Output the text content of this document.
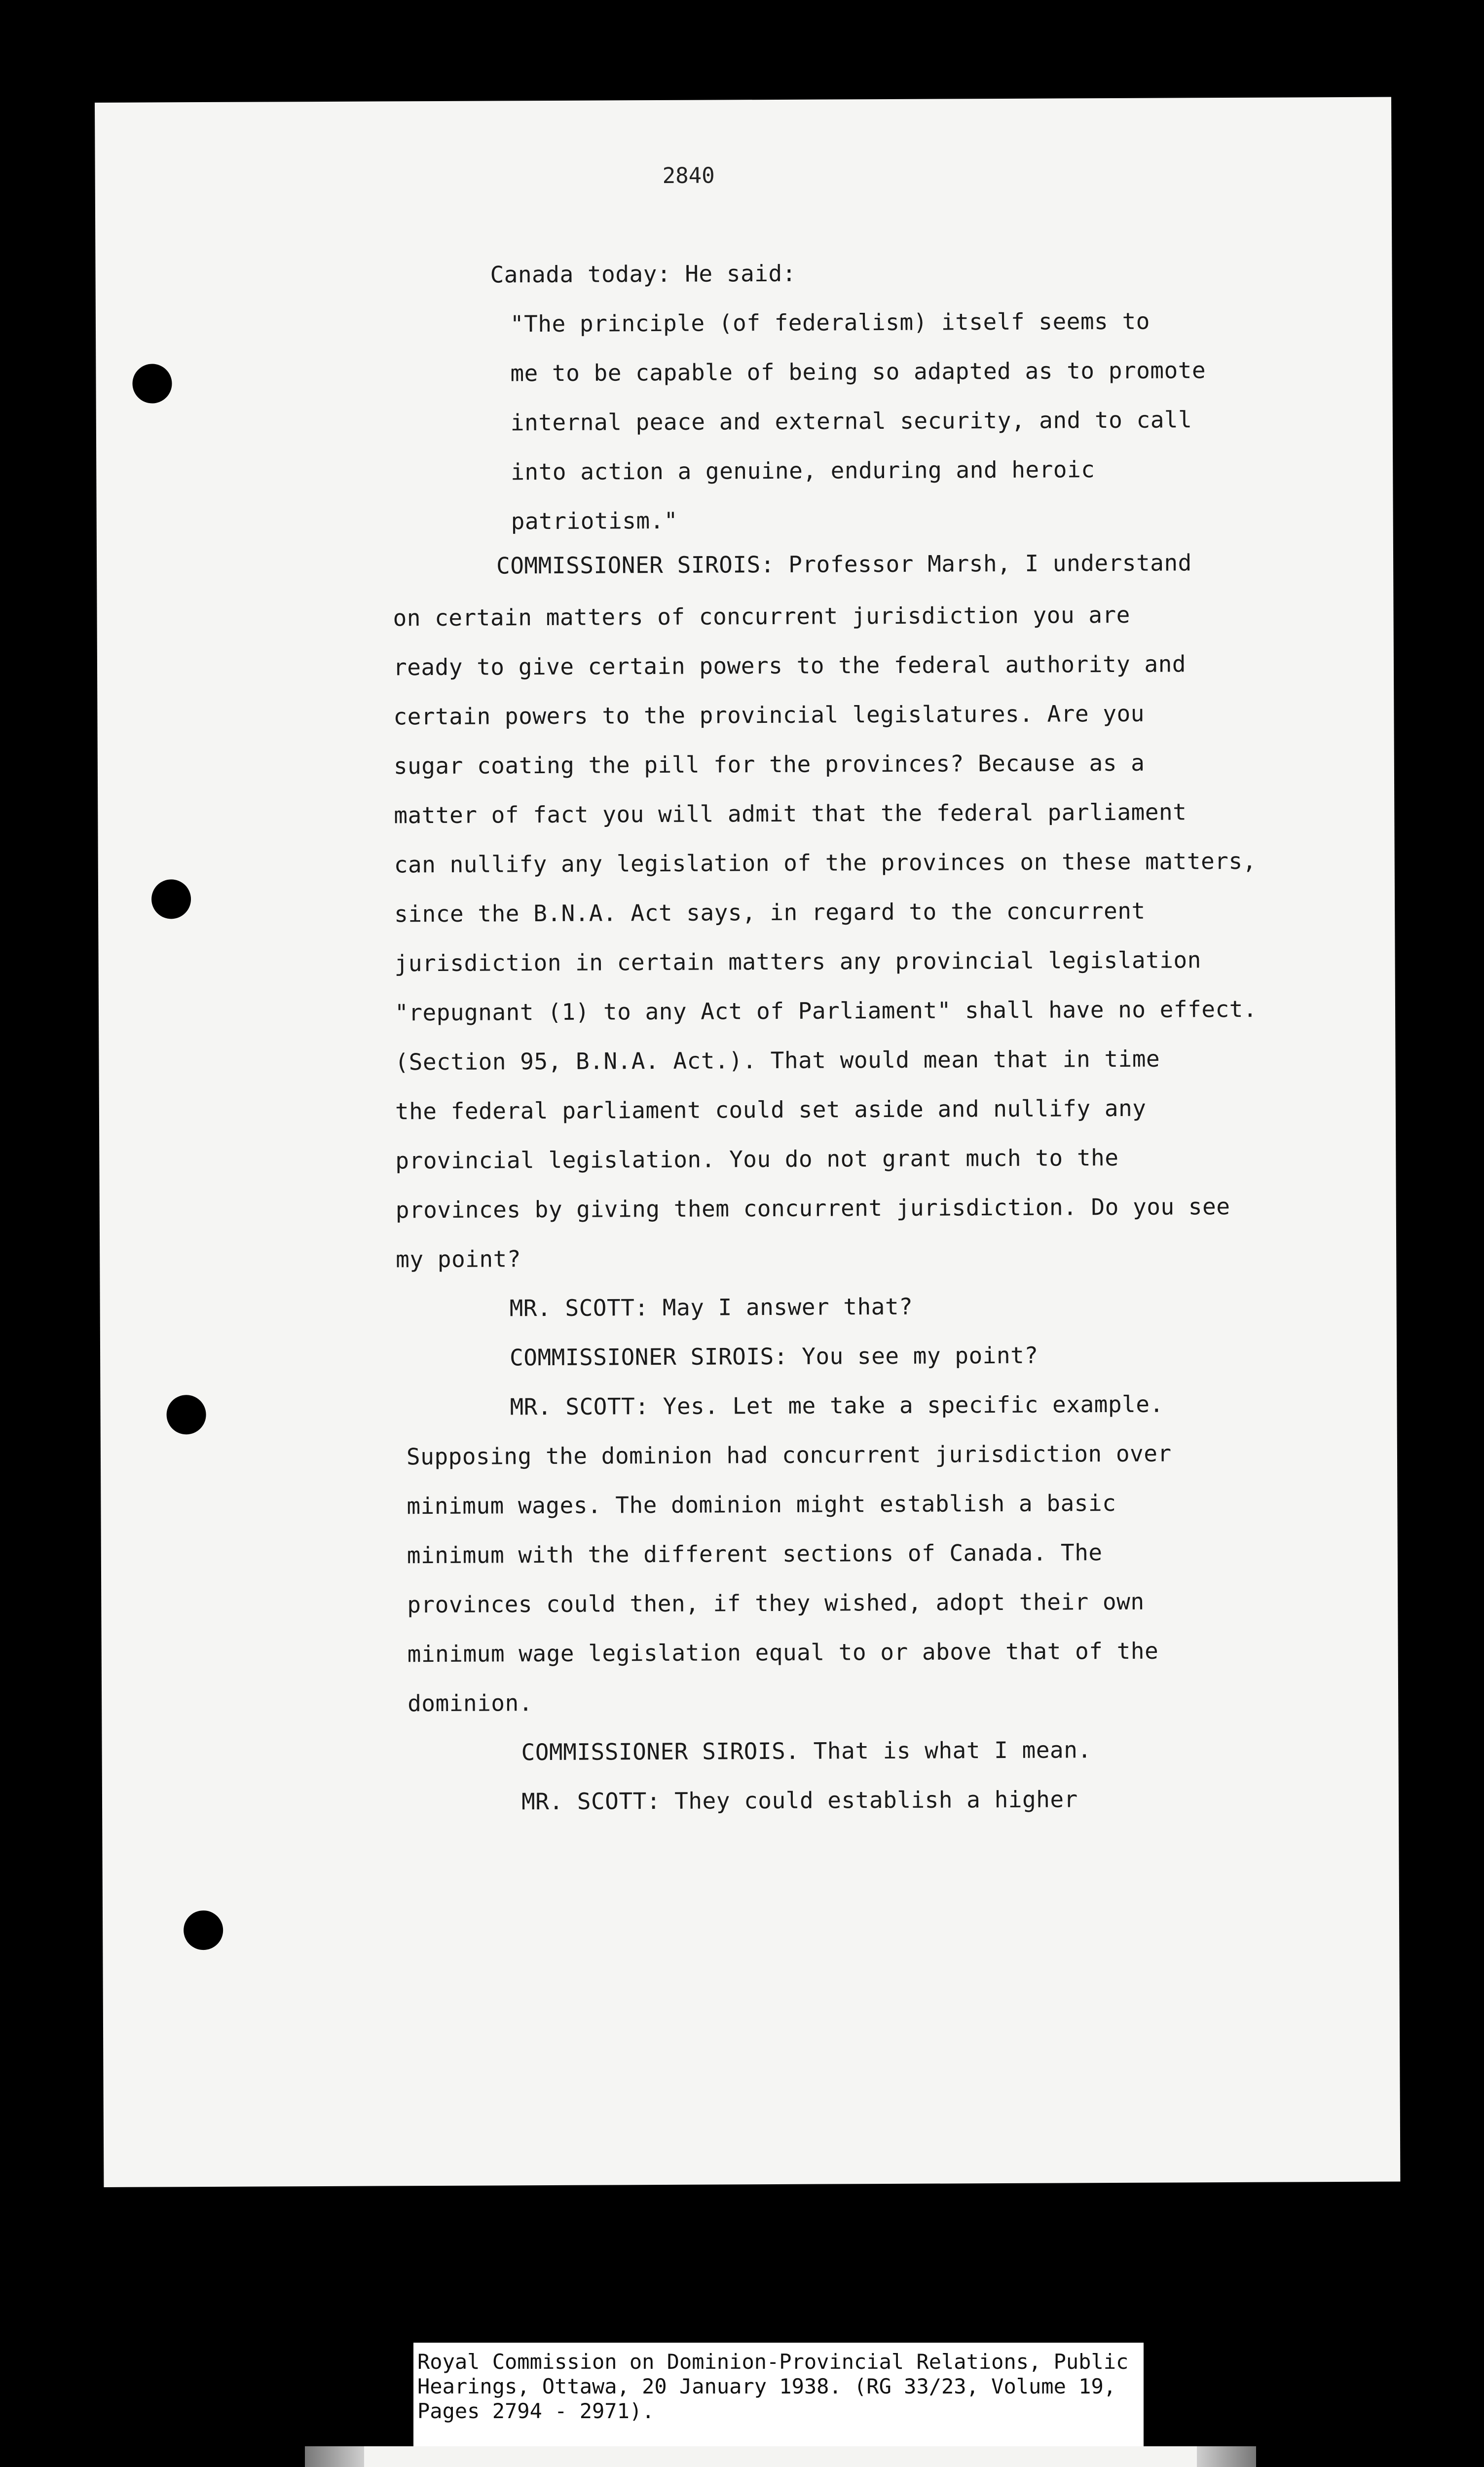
2840
Canada today: He said:
"The principle (of federalism) itself seems to
me to be capable of being so adapted as to promote
internal peace and external security, and to call
into action a genuine, enduring and heroic
patriotism."
COMMISSIONER SIROIS: Professor Marsh, I understand
on certain matters of concurrent jurisdiction you are
ready to give certain powers to the federal authority and
certain powers to the provincial legislatures. Are you
sugar coating the pill for the provinces? Because as a
matter of fact you will admit that the federal parliament
can nullify any legislation of the provinces on these matters,
since the B.N.A. Act says, in regard to the concurrent
jurisdiction in certain matters any provincial legislation
"repugnant (1) to any Act of Parliament" shall have no effect.
(Section 95, B.N.A. Act.). That would mean that in time
the federal parliament could set aside and nullify any
provincial legislation. You do not grant much to the
provinces by giving them concurrent jurisdiction. Do you see
my point?
MR. SCOTT: May I answer that?
COMMISSIONER SIROIS: You see my point?
MR. SCOTT: Yes. Let me take a specific example.
Supposing the dominion had concurrent jurisdiction over
minimum wages. The dominion might establish a basic
minimum with the different sections of Canada. The
provinces could then, if they wished, adopt their own
minimum wage legislation equal to or above that of the
dominion.
COMMISSIONER SIROIS. That is what I mean.
MR. SCOTT: They could establish a higher
Royal Commission on Dominion-Provincial Relations, Public
Hearings, Ottawa, 20 January 1938. (RG 33/23, Volume 19,
Pages 2794 - 2971).
